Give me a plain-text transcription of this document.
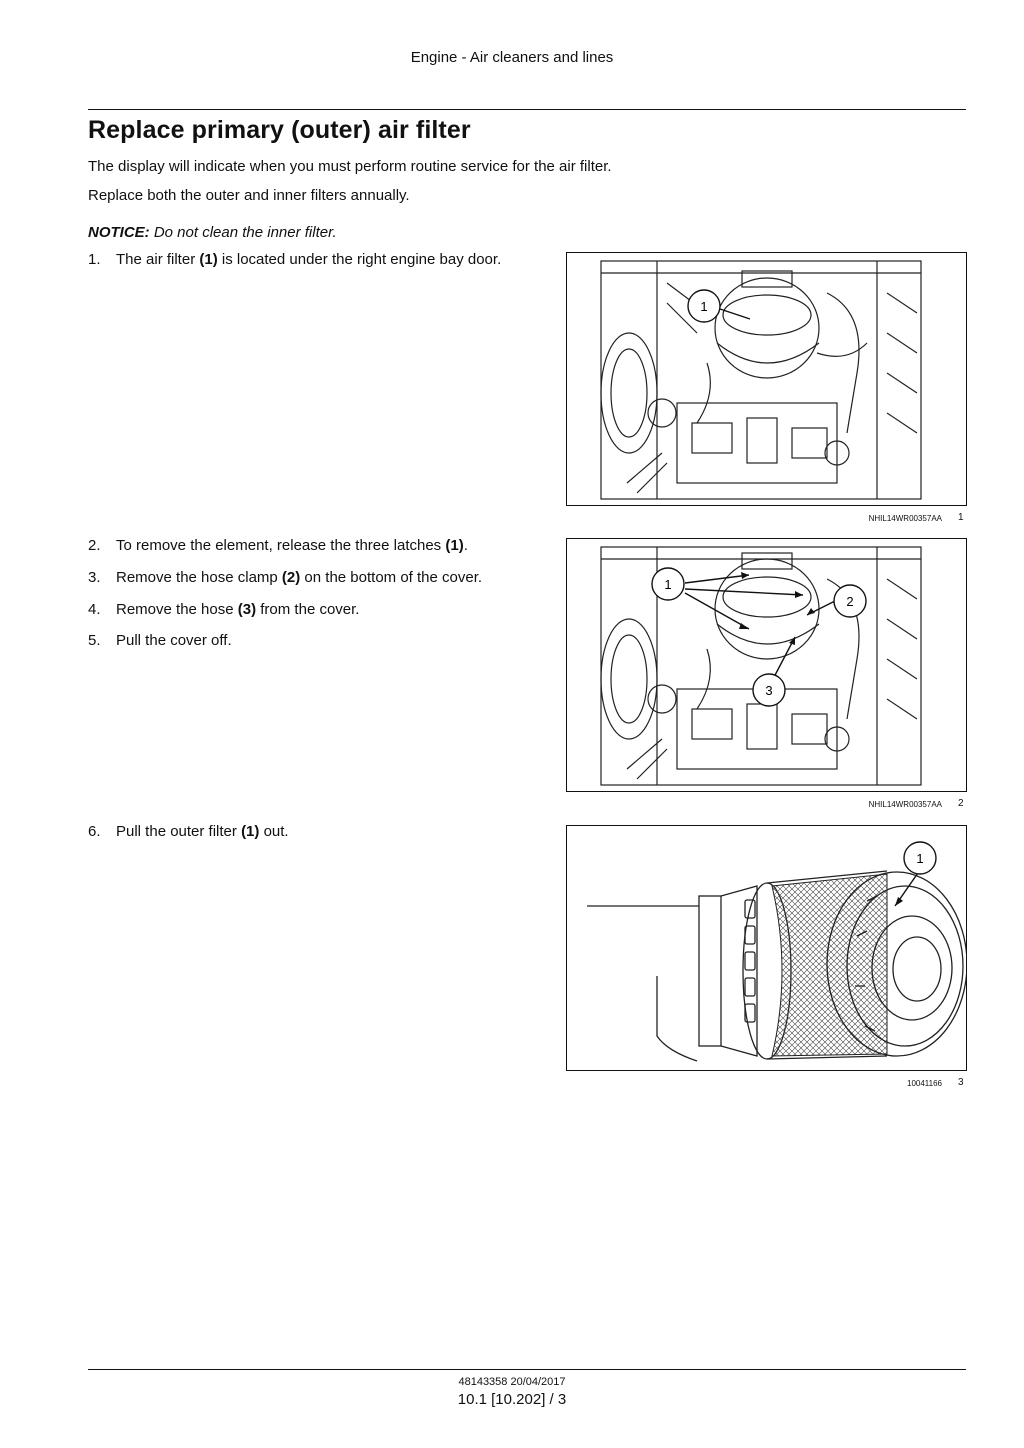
Engine - Air cleaners and lines
Replace primary (outer) air filter

The display will indicate when you must perform routine service for the air filter.

Replace both the outer and inner filters annually.

NOTICE: Do not clean the inner filter.
1. The air filter (1) is located under the right engine bay door.
2. To remove the element, release the three latches (1).
3. Remove the hose clamp (2) on the bottom of the cover.
4. Remove the hose (3) from the cover.
5. Pull the cover off.
6. Pull the outer filter (1) out.
1
NHIL14WR00357AA 1
1
2
3
NHIL14WR00357AA 2
1
10041166 3
48143358 20/04/2017
10.1 [10.202] / 3
